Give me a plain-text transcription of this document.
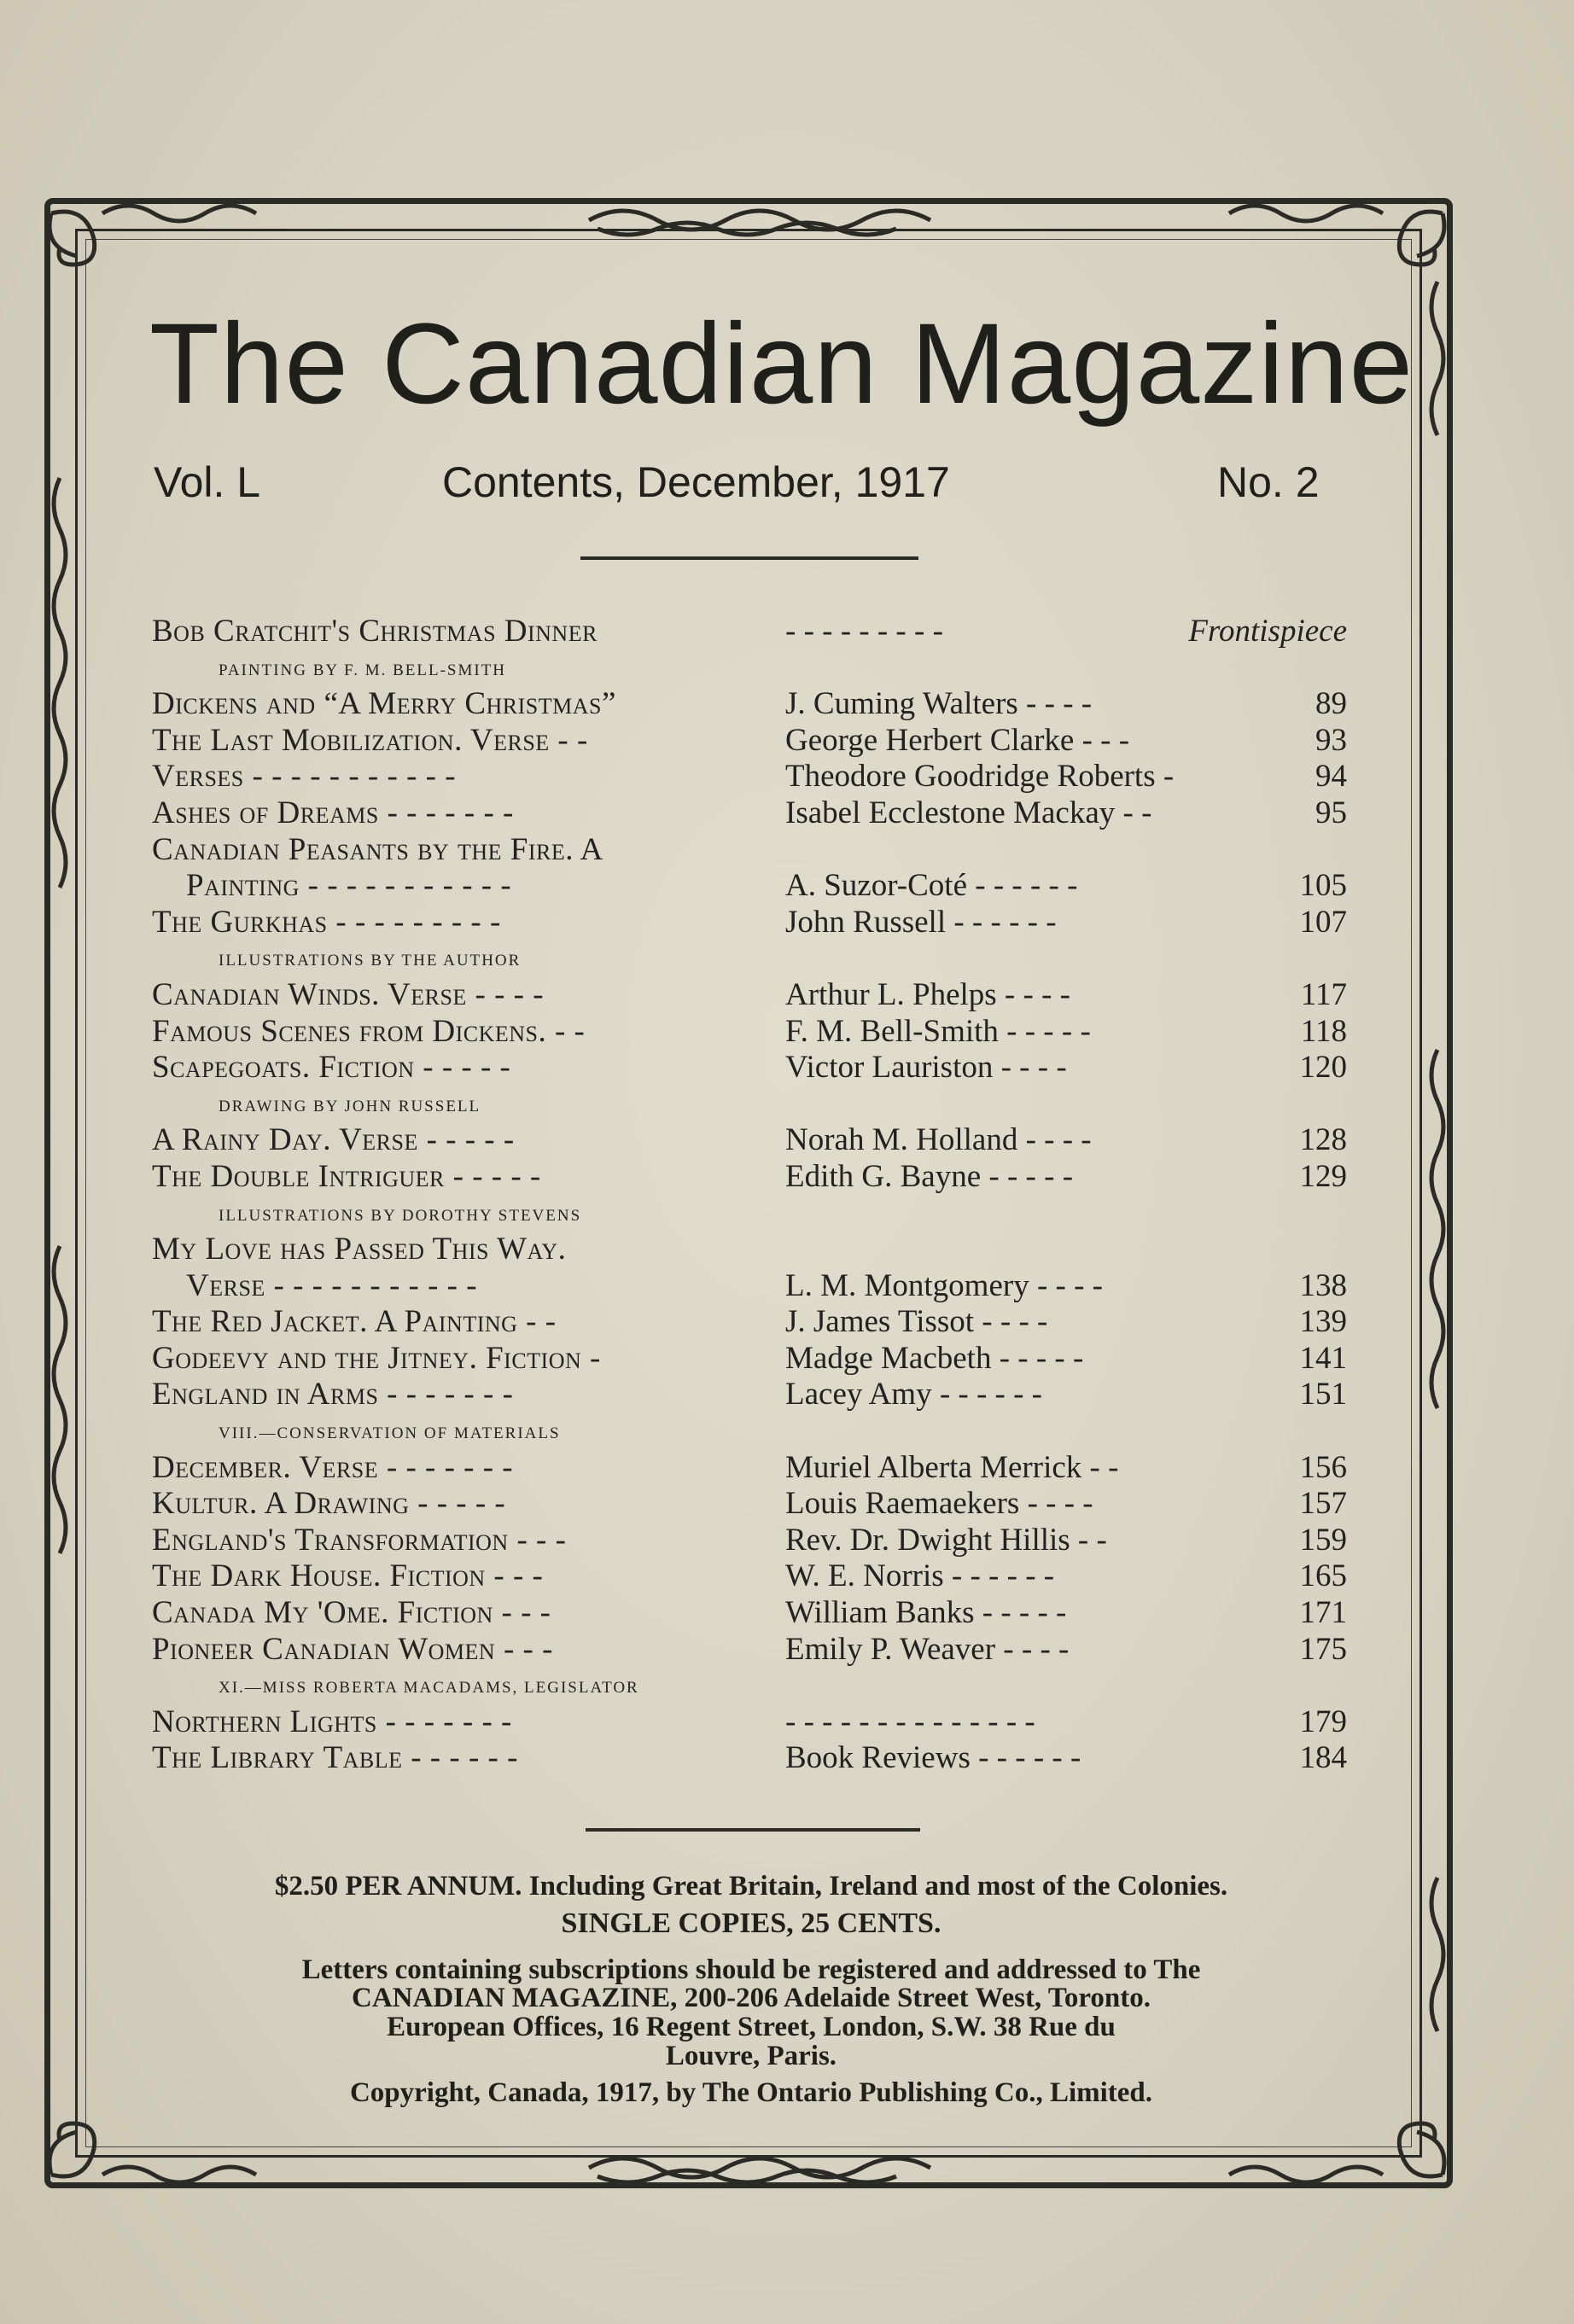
The Canadian Magazine
Vol. L	Contents, December, 1917	No. 2
Bob Cratchit's Christmas Dinner	- - - - - - - - -	Frontispiece
PAINTING BY F. M. BELL-SMITH
Dickens and “A Merry Christmas”	J. Cuming Walters - - - -	89
The Last Mobilization. Verse - -	George Herbert Clarke - - -	93
Verses - - - - - - - - - - -	Theodore Goodridge Roberts -	94
Ashes of Dreams - - - - - - -	Isabel Ecclestone Mackay - -	95
Canadian Peasants by the Fire. A
Painting - - - - - - - - - - -	A. Suzor-Coté - - - - - -	105
The Gurkhas - - - - - - - - -	John Russell - - - - - -	107
ILLUSTRATIONS BY THE AUTHOR
Canadian Winds. Verse - - - -	Arthur L. Phelps - - - -	117
Famous Scenes from Dickens. - -	F. M. Bell-Smith - - - - -	118
Scapegoats. Fiction - - - - -	Victor Lauriston - - - -	120
DRAWING BY JOHN RUSSELL
A Rainy Day. Verse - - - - -	Norah M. Holland - - - -	128
The Double Intriguer - - - - -	Edith G. Bayne - - - - -	129
ILLUSTRATIONS BY DOROTHY STEVENS
My Love has Passed This Way.
Verse - - - - - - - - - - -	L. M. Montgomery - - - -	138
The Red Jacket. A Painting - -	J. James Tissot - - - -	139
Godeevy and the Jitney. Fiction -	Madge Macbeth - - - - -	141
England in Arms - - - - - - -	Lacey Amy - - - - - -	151
VIII.—CONSERVATION OF MATERIALS
December. Verse - - - - - - -	Muriel Alberta Merrick - -	156
Kultur. A Drawing - - - - -	Louis Raemaekers - - - -	157
England's Transformation - - -	Rev. Dr. Dwight Hillis - -	159
The Dark House. Fiction - - -	W. E. Norris - - - - - -	165
Canada My 'Ome. Fiction - - -	William Banks - - - - -	171
Pioneer Canadian Women - - -	Emily P. Weaver - - - -	175
XI.—MISS ROBERTA MACADAMS, LEGISLATOR
Northern Lights - - - - - - -	- - - - - - - - - - - - - -	179
The Library Table - - - - - -	Book Reviews - - - - - -	184
$2.50 PER ANNUM. Including Great Britain, Ireland and most of the Colonies.
SINGLE COPIES, 25 CENTS.
Letters containing subscriptions should be registered and addressed to The
CANADIAN MAGAZINE, 200-206 Adelaide Street West, Toronto.
European Offices, 16 Regent Street, London, S.W. 38 Rue du
Louvre, Paris.
Copyright, Canada, 1917, by The Ontario Publishing Co., Limited.
